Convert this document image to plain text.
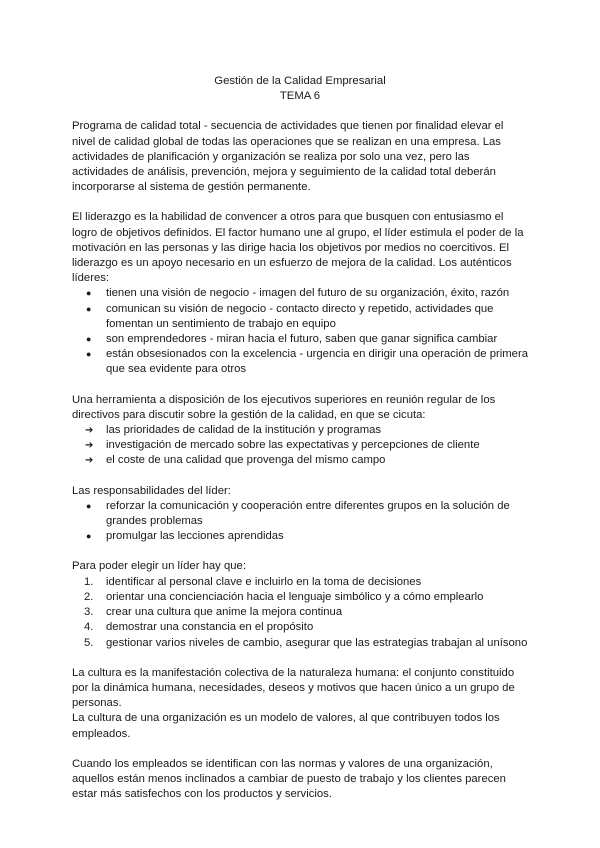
Gestión de la Calidad Empresarial
TEMA 6

Programa de calidad total - secuencia de actividades que tienen por finalidad elevar el nivel de calidad global de todas las operaciones que se realizan en una empresa. Las actividades de planificación y organización se realiza por solo una vez, pero las actividades de análisis, prevención, mejora y seguimiento de la calidad total deberán incorporarse al sistema de gestión permanente.

El liderazgo es la habilidad de convencer a otros para que busquen con entusiasmo el logro de objetivos definidos. El factor humano une al grupo, el líder estimula el poder de la motivación en las personas y las dirige hacia los objetivos por medios no coercitivos. El liderazgo es un apoyo necesario en un esfuerzo de mejora de la calidad. Los auténticos líderes:

● tienen una visión de negocio - imagen del futuro de su organización, éxito, razón
● comunican su visión de negocio - contacto directo y repetido, actividades que fomentan un sentimiento de trabajo en equipo
● son emprendedores - miran hacia el futuro, saben que ganar significa cambiar
● están obsesionados con la excelencia - urgencia en dirigir una operación de primera que sea evidente para otros

Una herramienta a disposición de los ejecutivos superiores en reunión regular de los directivos para discutir sobre la gestión de la calidad, en que se cicuta:

➔ las prioridades de calidad de la institución y programas
➔ investigación de mercado sobre las expectativas y percepciones de cliente
➔ el coste de una calidad que provenga del mismo campo

Las responsabilidades del líder:

● reforzar la comunicación y cooperación entre diferentes grupos en la solución de grandes problemas
● promulgar las lecciones aprendidas

Para poder elegir un líder hay que:

1. identificar al personal clave e incluirlo en la toma de decisiones
2. orientar una concienciación hacia el lenguaje simbólico y a cómo emplearlo
3. crear una cultura que anime la mejora continua
4. demostrar una constancia en el propósito
5. gestionar varios niveles de cambio, asegurar que las estrategias trabajan al unísono

La cultura es la manifestación colectiva de la naturaleza humana: el conjunto constituido por la dinámica humana, necesidades, deseos y motivos que hacen único a un grupo de personas.

La cultura de una organización es un modelo de valores, al que contribuyen todos los empleados.

Cuando los empleados se identifican con las normas y valores de una organización, aquellos están menos inclinados a cambiar de puesto de trabajo y los clientes parecen estar más satisfechos con los productos y servicios.
